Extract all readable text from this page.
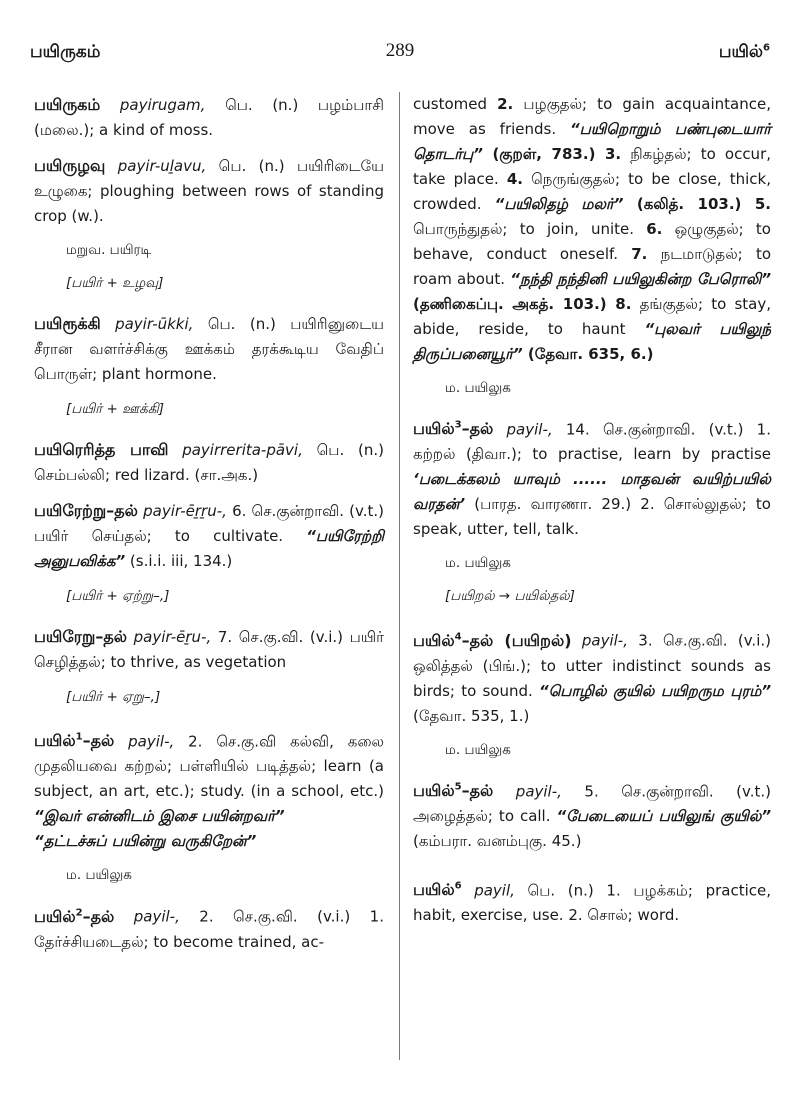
பயிருகம்	289	பயில்$^6$

பயிருகம் payirugam, பெ. (n.) பழம்பாசி (மலை.); a kind of moss.

பயிருழவு payir-uḻavu, பெ. (n.) பயிரிடையே உழுகை; ploughing between rows of standing crop (w.).

மறுவ. பயிரடி
[பயிர் + உழவு]

பயிரூக்கி payir-ūkki, பெ. (n.) பயிரினுடைய சீரான வளர்ச்சிக்கு ஊக்கம் தரக்கூடிய வேதிப் பொருள்; plant hormone.

[பயிர் + ஊக்கி]

பயிரெரித்த பாவி payirrerita-pāvi, பெ. (n.) செம்பல்லி; red lizard. (சா.அக.)

பயிரேற்று–தல் payir-ēṟṟu-, 6. செ.குன்றாவி. (v.t.) பயிர் செய்தல்; to cultivate. “பயிரேற்றி அனுபவிக்க” (s.i.i. iii, 134.)

[பயிர் + ஏற்று–,]

பயிரேறு–தல் payir-ēṟu-, 7. செ.கு.வி. (v.i.) பயிர் செழித்தல்; to thrive, as vegetation

[பயிர் + ஏறு–,]

பயில்$^1$–தல் payil-, 2. செ.கு.வி கல்வி, கலை முதலியவை கற்றல்; பள்ளியில் படித்தல்; learn (a subject, an art, etc.); study. (in a school, etc.) “இவர் என்னிடம் இசை பயின்றவர்”
“தட்டச்சுப் பயின்று வருகிறேன்”

ம. பயிலுக

பயில்$^2$–தல் payil-, 2. செ.கு.வி. (v.i.) 1. தேர்ச்சியடைதல்; to become trained, ac-

customed 2. பழகுதல்; to gain acquaintance, move as friends. “பயிறொறும் பண்புடையார் தொடர்பு” (குறள், 783.) 3. நிகழ்தல்; to occur, take place. 4. நெருங்குதல்; to be close, thick, crowded. “பயிலிதழ் மலர்” (கலித். 103.) 5. பொருந்துதல்; to join, unite. 6. ஒழுகுதல்; to behave, conduct oneself. 7. நடமாடுதல்; to roam about. “நந்தி நந்தினி பயிலுகின்ற பேரொலி” (தணிகைப்பு. அகத். 103.) 8. தங்குதல்; to stay, abide, reside, to haunt “புலவர் பயிலுந் திருப்பனையூர்” (தேவா. 635, 6.)

ம. பயிலுக

பயில்$^3$–தல் payil-, 14. செ.குன்றாவி. (v.t.) 1. கற்றல் (திவா.); to practise, learn by practise ‘படைக்கலம் யாவும் ...... மாதவன் வயிற்பயில் வரதன்’ (பாரத. வாரணா. 29.) 2. சொல்லுதல்; to speak, utter, tell, talk.

ம. பயிலுக
[பயிறல் → பயில்தல்]

பயில்$^4$–தல் (பயிறல்) payil-, 3. செ.கு.வி. (v.i.) ஒலித்தல் (பிங்.); to utter indistinct sounds as birds; to sound. “பொழில் குயில் பயிறரும புரம்” (தேவா. 535, 1.)

ம. பயிலுக

பயில்$^5$–தல் payil-, 5. செ.குன்றாவி. (v.t.) அழைத்தல்; to call. “பேடையைப் பயிலுங் குயில்” (கம்பரா. வனம்புகு. 45.)

பயில்$^6$ payil, பெ. (n.) 1. பழக்கம்; practice, habit, exercise, use. 2. சொல்; word.
